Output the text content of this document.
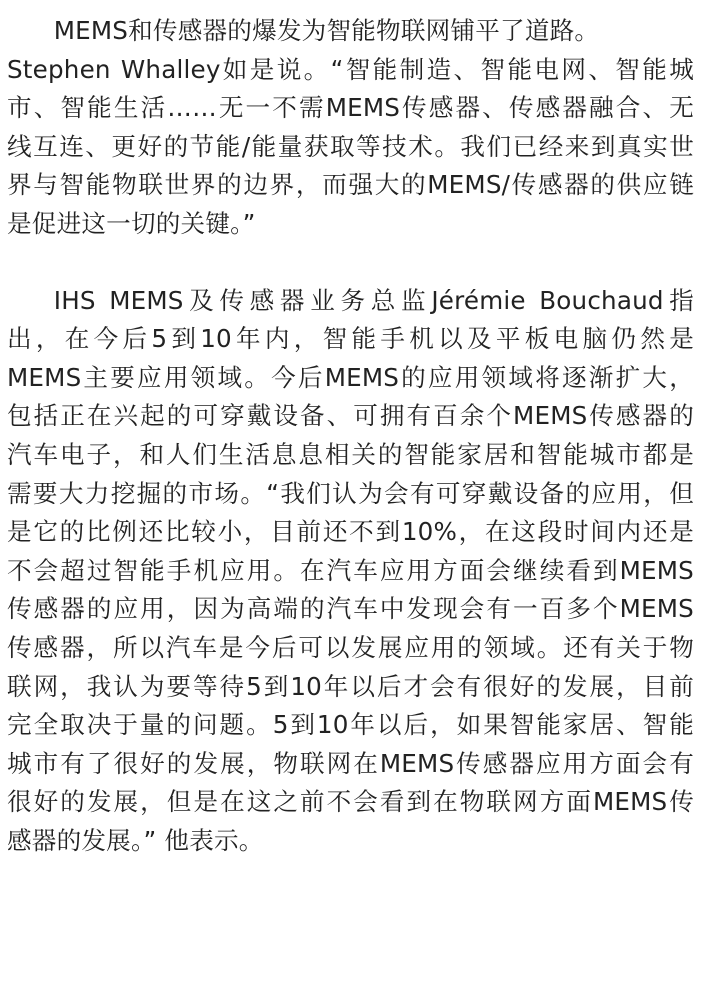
MEMS和传感器的爆发为智能物联网铺平了道路。
Stephen Whalley如是说。“智能制造、智能电网、智能城
市、智能生活……无一不需MEMS传感器、传感器融合、无
线互连、更好的节能/能量获取等技术。我们已经来到真实世
界与智能物联世界的边界，而强大的MEMS/传感器的供应链
是促进这一切的关键。”
IHS MEMS及传感器业务总监Jérémie Bouchaud指
出，在今后5到10年内，智能手机以及平板电脑仍然是
MEMS主要应用领域。今后MEMS的应用领域将逐渐扩大，
包括正在兴起的可穿戴设备、可拥有百余个MEMS传感器的
汽车电子，和人们生活息息相关的智能家居和智能城市都是
需要大力挖掘的市场。“我们认为会有可穿戴设备的应用，但
是它的比例还比较小，目前还不到10%，在这段时间内还是
不会超过智能手机应用。在汽车应用方面会继续看到MEMS
传感器的应用，因为高端的汽车中发现会有一百多个MEMS
传感器，所以汽车是今后可以发展应用的领域。还有关于物
联网，我认为要等待5到10年以后才会有很好的发展，目前
完全取决于量的问题。5到10年以后，如果智能家居、智能
城市有了很好的发展，物联网在MEMS传感器应用方面会有
很好的发展，但是在这之前不会看到在物联网方面MEMS传
感器的发展。” 他表示。
